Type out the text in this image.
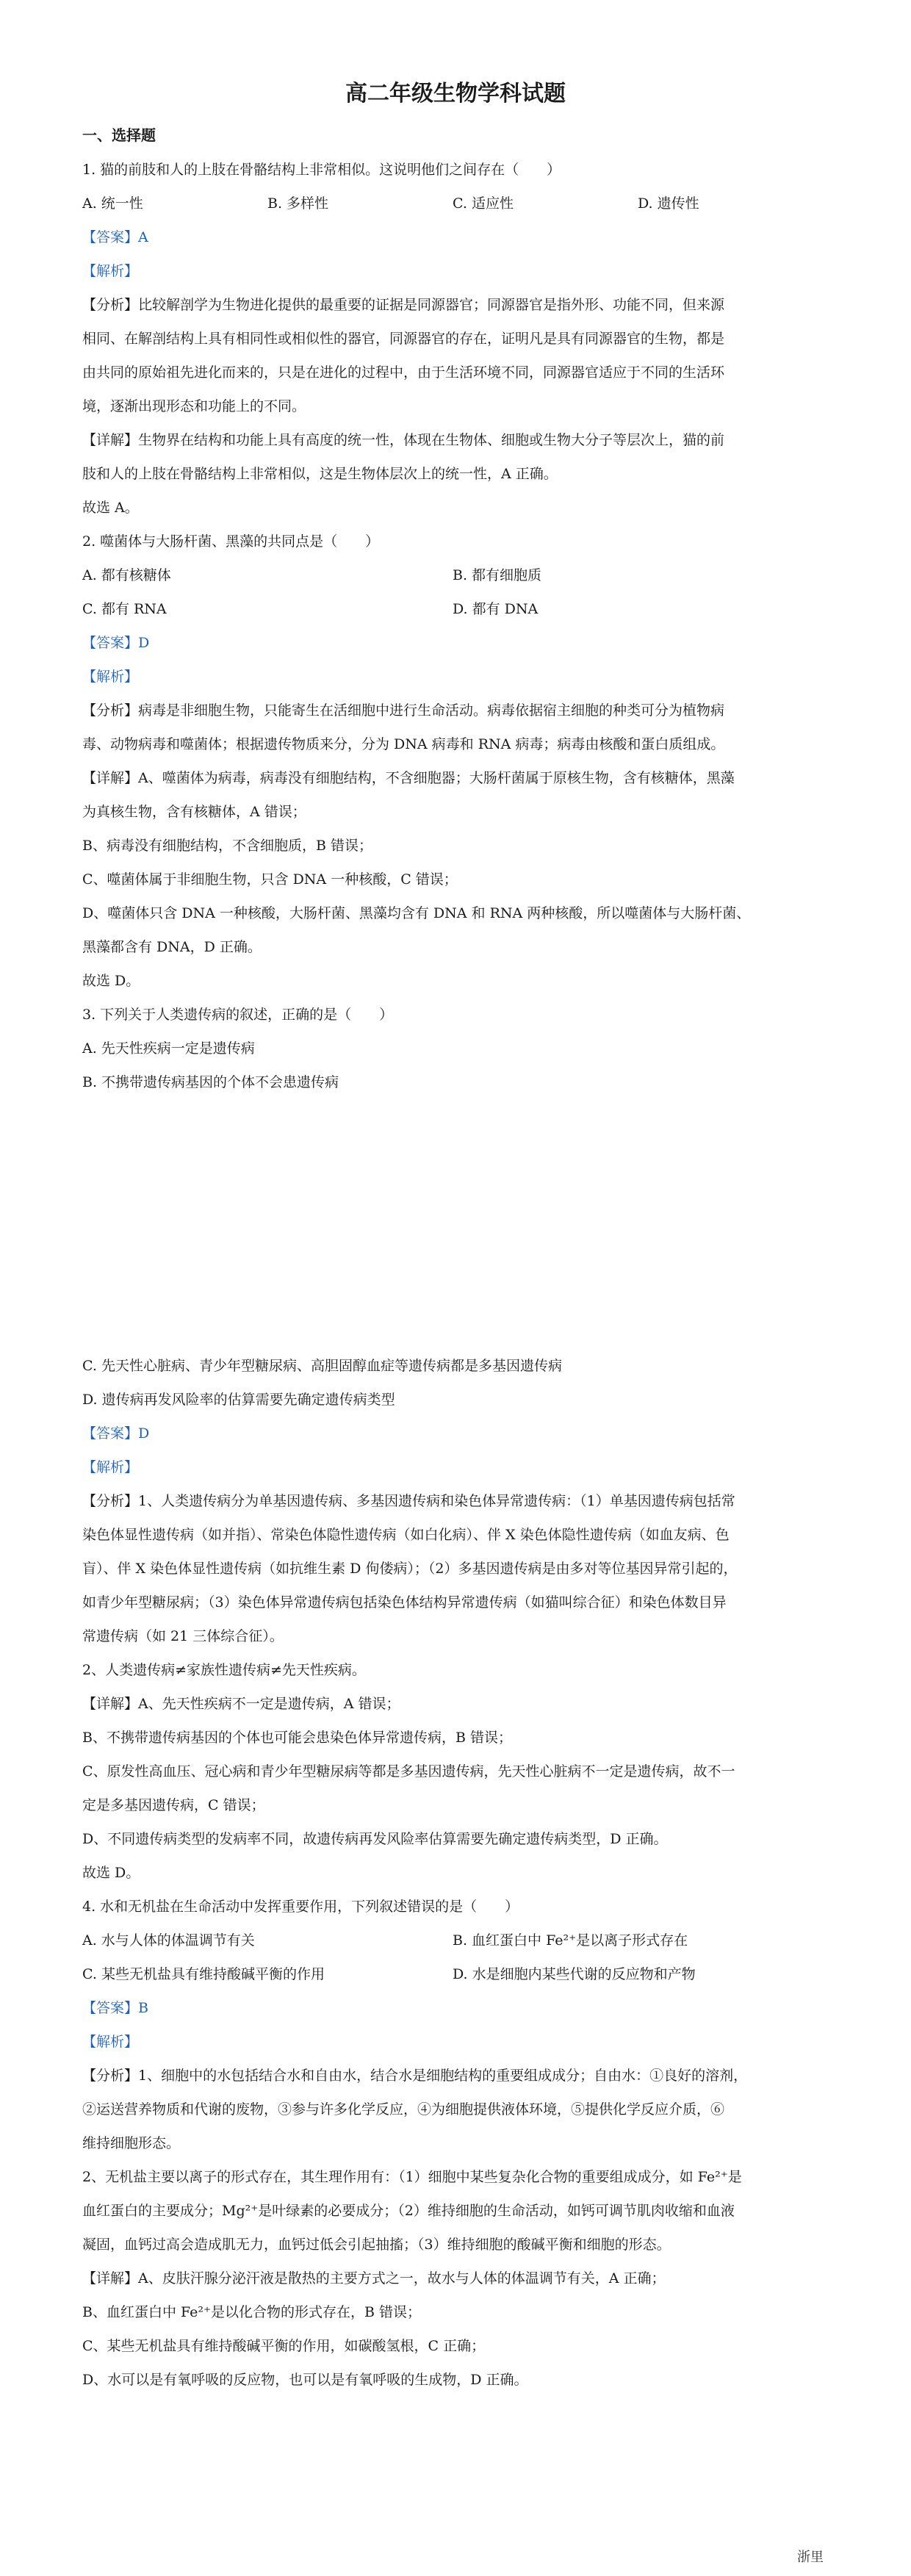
高二年级生物学科试题
一、选择题
1. 猫的前肢和人的上肢在骨骼结构上非常相似。这说明他们之间存在（　　）
A. 统一性	B. 多样性	C. 适应性	D. 遗传性
【答案】A
【解析】
【分析】比较解剖学为生物进化提供的最重要的证据是同源器官；同源器官是指外形、功能不同，但来源
相同、在解剖结构上具有相同性或相似性的器官，同源器官的存在，证明凡是具有同源器官的生物，都是
由共同的原始祖先进化而来的，只是在进化的过程中，由于生活环境不同，同源器官适应于不同的生活环
境，逐渐出现形态和功能上的不同。
【详解】生物界在结构和功能上具有高度的统一性，体现在生物体、细胞或生物大分子等层次上，猫的前
肢和人的上肢在骨骼结构上非常相似，这是生物体层次上的统一性，A 正确。
故选 A。
2. 噬菌体与大肠杆菌、黑藻的共同点是（　　）
A. 都有核糖体	B. 都有细胞质
C. 都有 RNA	D. 都有 DNA
【答案】D
【解析】
【分析】病毒是非细胞生物，只能寄生在活细胞中进行生命活动。病毒依据宿主细胞的种类可分为植物病
毒、动物病毒和噬菌体；根据遗传物质来分，分为 DNA 病毒和 RNA 病毒；病毒由核酸和蛋白质组成。
【详解】A、噬菌体为病毒，病毒没有细胞结构，不含细胞器；大肠杆菌属于原核生物，含有核糖体，黑藻
为真核生物，含有核糖体，A 错误；
B、病毒没有细胞结构，不含细胞质，B 错误；
C、噬菌体属于非细胞生物，只含 DNA 一种核酸，C 错误；
D、噬菌体只含 DNA 一种核酸，大肠杆菌、黑藻均含有 DNA 和 RNA 两种核酸，所以噬菌体与大肠杆菌、
黑藻都含有 DNA，D 正确。
故选 D。
3. 下列关于人类遗传病的叙述，正确的是（　　）
A. 先天性疾病一定是遗传病
B. 不携带遗传病基因的个体不会患遗传病
C. 先天性心脏病、青少年型糖尿病、高胆固醇血症等遗传病都是多基因遗传病
D. 遗传病再发风险率的估算需要先确定遗传病类型
【答案】D
【解析】
【分析】1、人类遗传病分为单基因遗传病、多基因遗传病和染色体异常遗传病：（1）单基因遗传病包括常
染色体显性遗传病（如并指）、常染色体隐性遗传病（如白化病）、伴 X 染色体隐性遗传病（如血友病、色
盲）、伴 X 染色体显性遗传病（如抗维生素 D 佝偻病）；（2）多基因遗传病是由多对等位基因异常引起的，
如青少年型糖尿病；（3）染色体异常遗传病包括染色体结构异常遗传病（如猫叫综合征）和染色体数目异
常遗传病（如 21 三体综合征）。
2、人类遗传病≠家族性遗传病≠先天性疾病。
【详解】A、先天性疾病不一定是遗传病，A 错误；
B、不携带遗传病基因的个体也可能会患染色体异常遗传病，B 错误；
C、原发性高血压、冠心病和青少年型糖尿病等都是多基因遗传病，先天性心脏病不一定是遗传病，故不一
定是多基因遗传病，C 错误；
D、不同遗传病类型的发病率不同，故遗传病再发风险率估算需要先确定遗传病类型，D 正确。
故选 D。
4. 水和无机盐在生命活动中发挥重要作用，下列叙述错误的是（　　）
A. 水与人体的体温调节有关	B. 血红蛋白中 Fe²⁺是以离子形式存在
C. 某些无机盐具有维持酸碱平衡的作用	D. 水是细胞内某些代谢的反应物和产物
【答案】B
【解析】
【分析】1、细胞中的水包括结合水和自由水，结合水是细胞结构的重要组成成分；自由水：①良好的溶剂，
②运送营养物质和代谢的废物，③参与许多化学反应，④为细胞提供液体环境，⑤提供化学反应介质，⑥
维持细胞形态。
2、无机盐主要以离子的形式存在，其生理作用有：（1）细胞中某些复杂化合物的重要组成成分，如 Fe²⁺是
血红蛋白的主要成分；Mg²⁺是叶绿素的必要成分；（2）维持细胞的生命活动，如钙可调节肌肉收缩和血液
凝固，血钙过高会造成肌无力，血钙过低会引起抽搐；（3）维持细胞的酸碱平衡和细胞的形态。
【详解】A、皮肤汗腺分泌汗液是散热的主要方式之一，故水与人体的体温调节有关，A 正确；
B、血红蛋白中 Fe²⁺是以化合物的形式存在，B 错误；
C、某些无机盐具有维持酸碱平衡的作用，如碳酸氢根，C 正确；
D、水可以是有氧呼吸的反应物，也可以是有氧呼吸的生成物，D 正确。
浙里
